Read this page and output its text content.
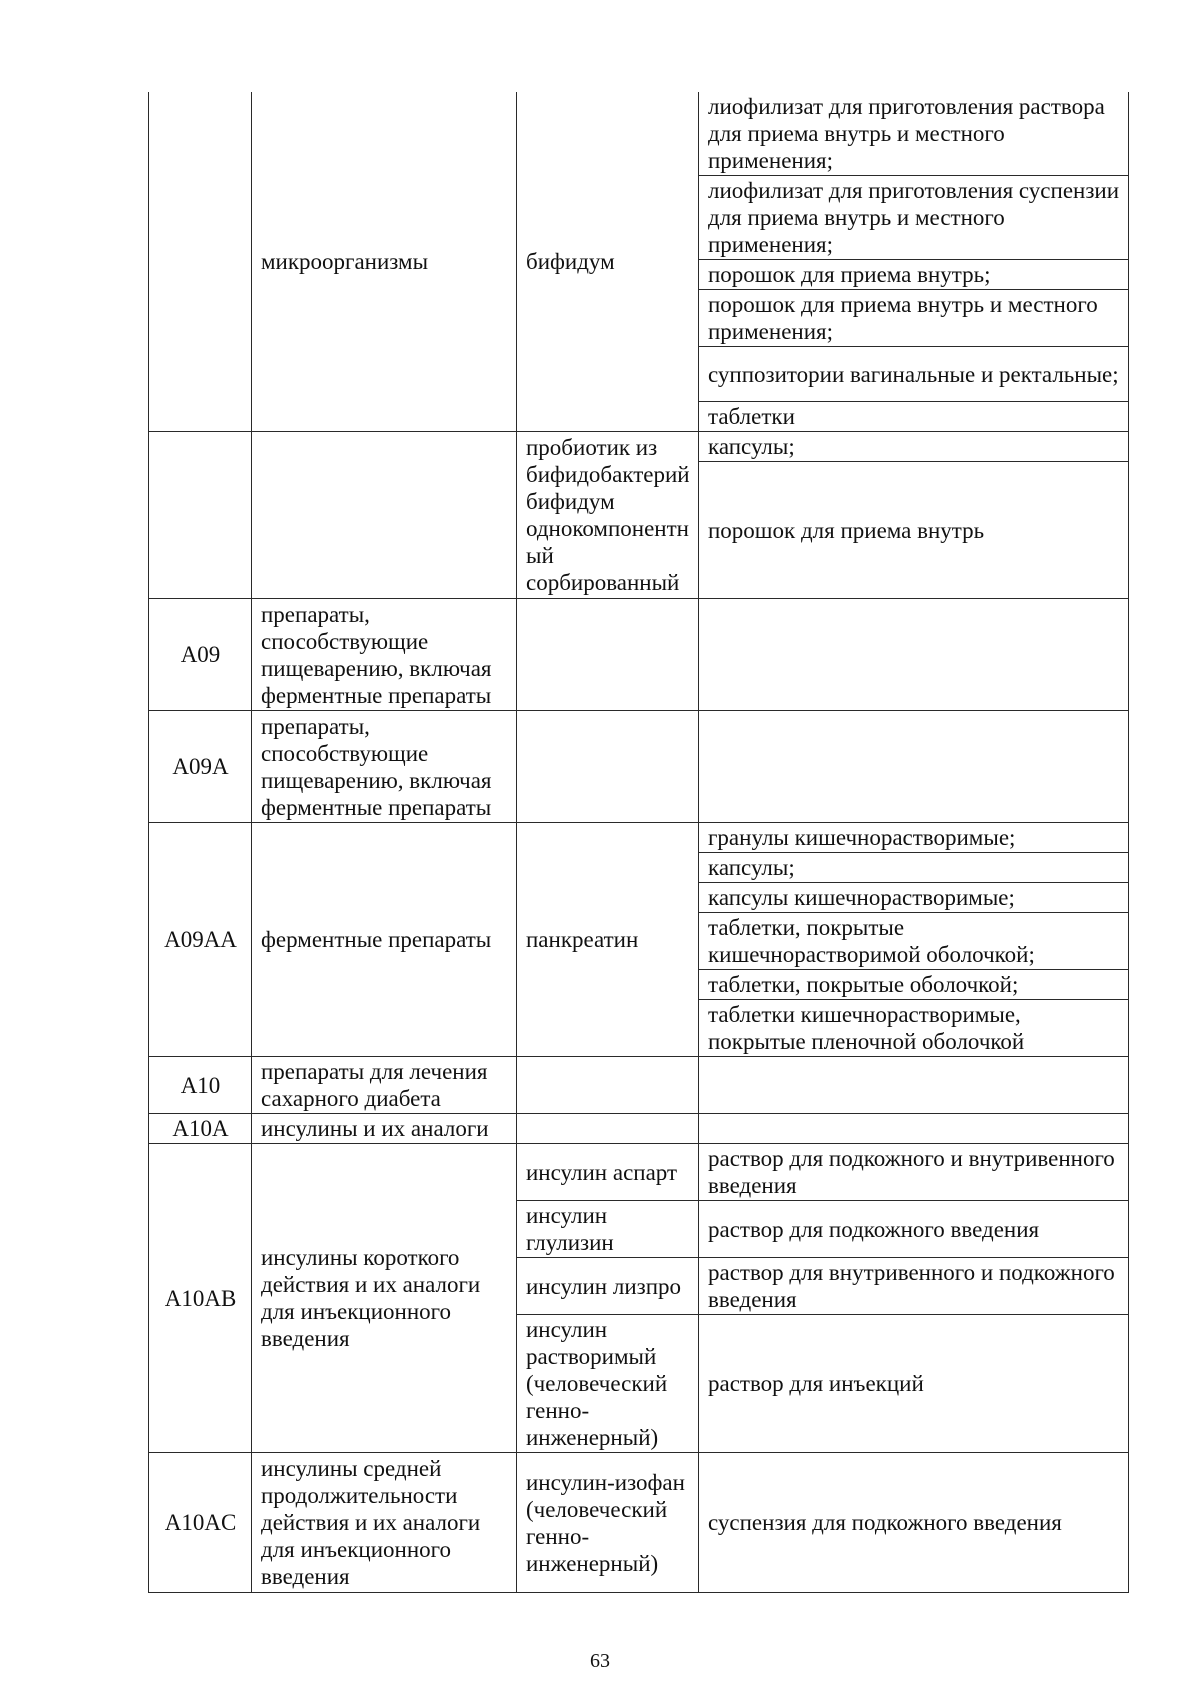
	микроорганизмы	бифидум	лиофилизат для приготовления раствора для приема внутрь и местного применения;
			лиофилизат для приготовления суспензии для приема внутрь и местного применения;
			порошок для приема внутрь;
			порошок для приема внутрь и местного применения;
			суппозитории вагинальные и ректальные;
			таблетки
		пробиотик из бифидобактерий бифидум однокомпонентн ый сорбированный	капсулы;
			порошок для приема внутрь
A09	препараты, способствующие пищеварению, включая ферментные препараты		
A09A	препараты, способствующие пищеварению, включая ферментные препараты		
A09AA	ферментные препараты	панкреатин	гранулы кишечнорастворимые;
			капсулы;
			капсулы кишечнорастворимые;
			таблетки, покрытые кишечнорастворимой оболочкой;
			таблетки, покрытые оболочкой;
			таблетки кишечнорастворимые, покрытые пленочной оболочкой
A10	препараты для лечения сахарного диабета		
A10A	инсулины и их аналоги		
A10AB	инсулины короткого действия и их аналоги для инъекционного введения	инсулин аспарт	раствор для подкожного и внутривенного введения
		инсулин глулизин	раствор для подкожного введения
		инсулин лизпро	раствор для внутривенного и подкожного введения
		инсулин растворимый (человеческий генно-инженерный)	раствор для инъекций
A10AC	инсулины средней продолжительности действия и их аналоги для инъекционного введения	инсулин-изофан (человеческий генно-инженерный)	суспензия для подкожного введения
63
